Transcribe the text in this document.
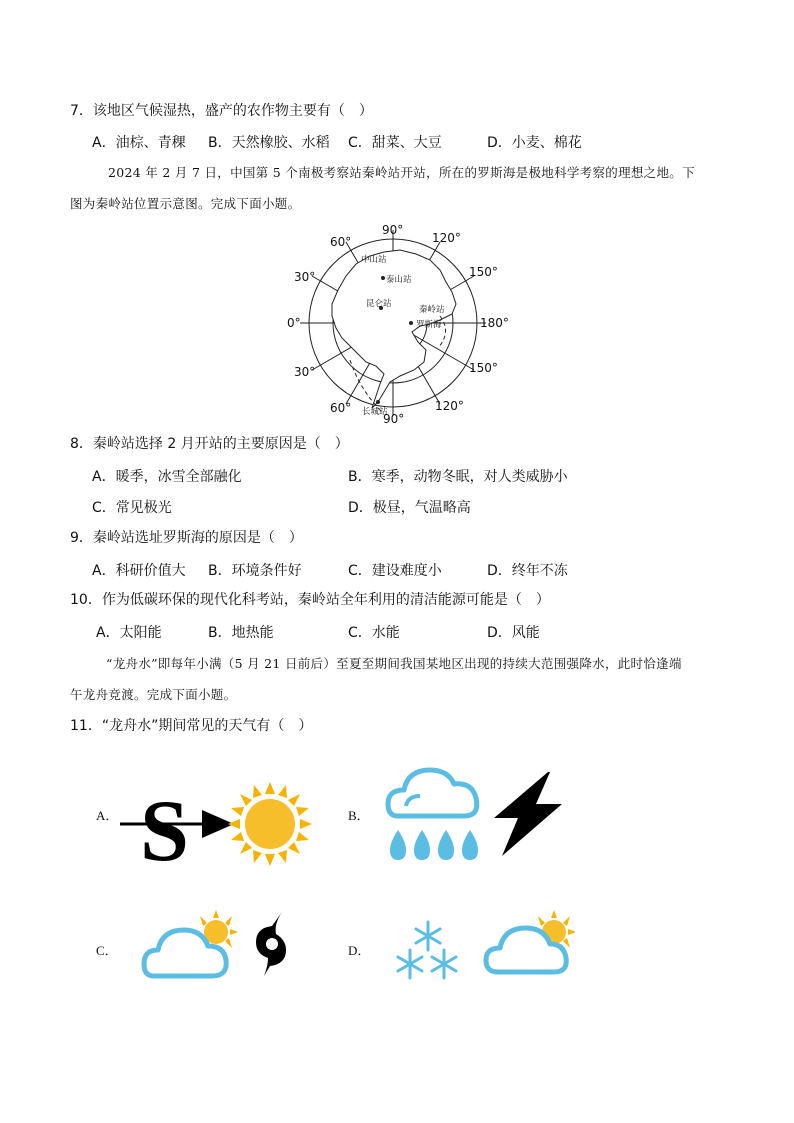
7．该地区气候湿热，盛产的农作物主要有（　）
A．油棕、青稞 B．天然橡胶、水稻 C．甜菜、大豆	D．小麦、棉花
2024 年 2 月 7 日，中国第 5 个南极考察站秦岭站开站，所在的罗斯海是极地科学考察的理想之地。下
图为秦岭站位置示意图。完成下面小题。
90°
120°
150°
180°
150°
120°
90°
60°
30°
0°
30°
60°
中山站
泰山站
昆仑站
秦岭站
罗斯海
长城站
8．秦岭站选择 2 月开站的主要原因是（　）
A．暖季，冰雪全部融化	B．寒季，动物冬眠，对人类威胁小
C．常见极光	D．极昼，气温略高
9．秦岭站选址罗斯海的原因是（　）
A．科研价值大 B．环境条件好	C．建设难度小	D．终年不冻
10．作为低碳环保的现代化科考站，秦岭站全年利用的清洁能源可能是（　）
A．太阳能	B．地热能	C．水能	D．风能
“龙舟水”即每年小满（5 月 21 日前后）至夏至期间我国某地区出现的持续大范围强降水，此时恰逢端
午龙舟竞渡。完成下面小题。
11．“龙舟水”期间常见的天气有（　）
A． S	B．
C．	D．
